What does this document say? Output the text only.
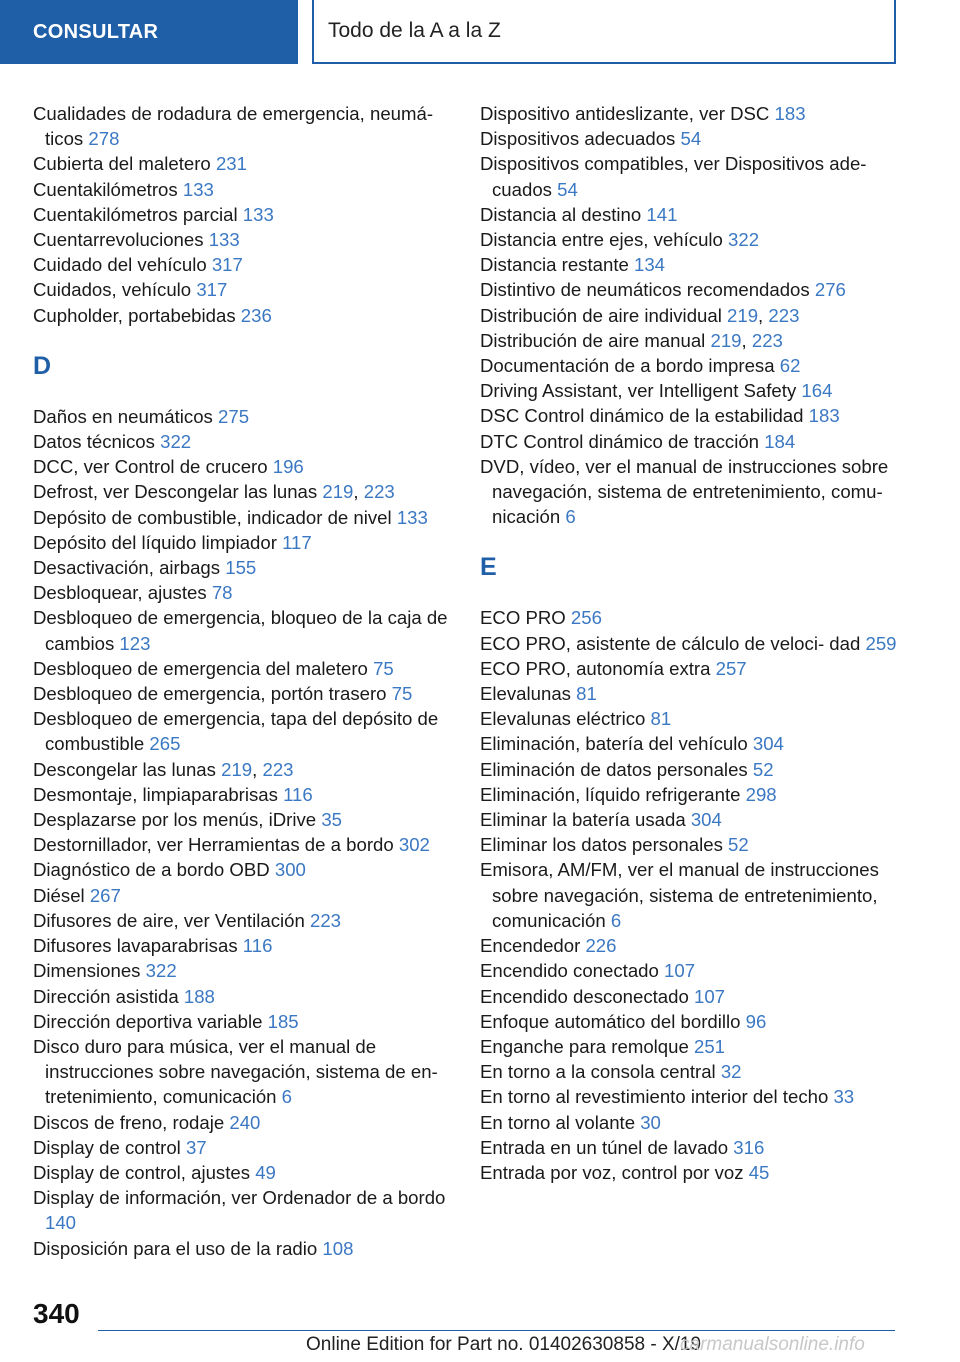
CONSULTAR	Todo de la A a la Z
Cualidades de rodadura de emergencia, neumá‐ ticos 278
Cubierta del maletero 231
Cuentakilómetros 133
Cuentakilómetros parcial 133
Cuentarrevoluciones 133
Cuidado del vehículo 317
Cuidados, vehículo 317
Cupholder, portabebidas 236
D
Daños en neumáticos 275
Datos técnicos 322
DCC, ver Control de crucero 196
Defrost, ver Descongelar las lunas 219, 223
Depósito de combustible, indicador de nivel 133
Depósito del líquido limpiador 117
Desactivación, airbags 155
Desbloquear, ajustes 78
Desbloqueo de emergencia, bloqueo de la caja de cambios 123
Desbloqueo de emergencia del maletero 75
Desbloqueo de emergencia, portón trasero 75
Desbloqueo de emergencia, tapa del depósito de combustible 265
Descongelar las lunas 219, 223
Desmontaje, limpiaparabrisas 116
Desplazarse por los menús, iDrive 35
Destornillador, ver Herramientas de a bordo 302
Diagnóstico de a bordo OBD 300
Diésel 267
Difusores de aire, ver Ventilación 223
Difusores lavaparabrisas 116
Dimensiones 322
Dirección asistida 188
Dirección deportiva variable 185
Disco duro para música, ver el manual de instrucciones sobre navegación, sistema de en‐ tretenimiento, comunicación 6
Discos de freno, rodaje 240
Display de control 37
Display de control, ajustes 49
Display de información, ver Ordenador de a bordo 140
Disposición para el uso de la radio 108
Dispositivo antideslizante, ver DSC 183
Dispositivos adecuados 54
Dispositivos compatibles, ver Dispositivos ade‐ cuados 54
Distancia al destino 141
Distancia entre ejes, vehículo 322
Distancia restante 134
Distintivo de neumáticos recomendados 276
Distribución de aire individual 219, 223
Distribución de aire manual 219, 223
Documentación de a bordo impresa 62
Driving Assistant, ver Intelligent Safety 164
DSC Control dinámico de la estabilidad 183
DTC Control dinámico de tracción 184
DVD, vídeo, ver el manual de instrucciones sobre navegación, sistema de entretenimiento, comu‐ nicación 6
E
ECO PRO 256
ECO PRO, asistente de cálculo de veloci‐ dad 259
ECO PRO, autonomía extra 257
Elevalunas 81
Elevalunas eléctrico 81
Eliminación, batería del vehículo 304
Eliminación de datos personales 52
Eliminación, líquido refrigerante 298
Eliminar la batería usada 304
Eliminar los datos personales 52
Emisora, AM/FM, ver el manual de instrucciones sobre navegación, sistema de entretenimiento, comunicación 6
Encendedor 226
Encendido conectado 107
Encendido desconectado 107
Enfoque automático del bordillo 96
Enganche para remolque 251
En torno a la consola central 32
En torno al revestimiento interior del techo 33
En torno al volante 30
Entrada en un túnel de lavado 316
Entrada por voz, control por voz 45
340
Online Edition for Part no. 01402630858 - X/19
carmanualsonline.info
